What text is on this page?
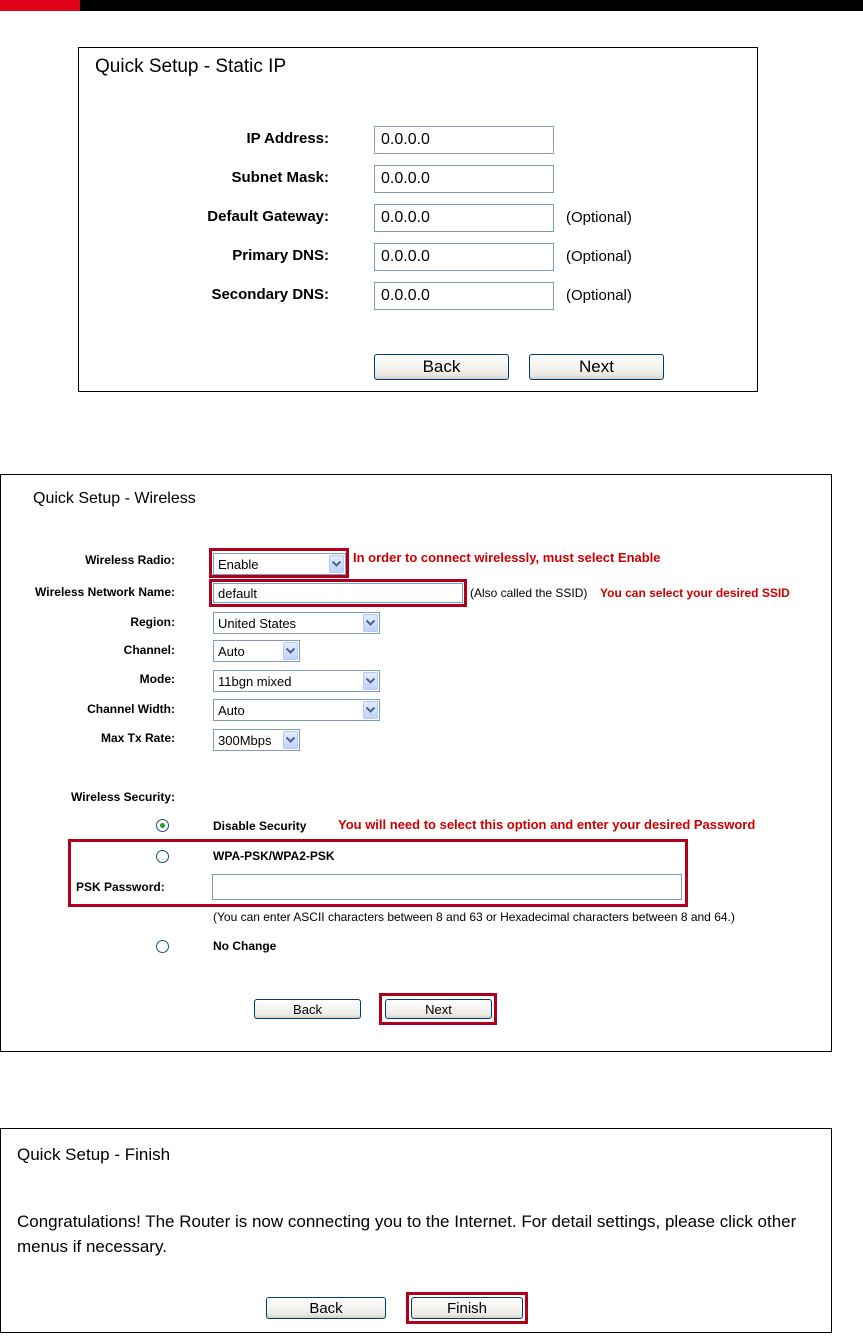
Quick Setup - Static IP
IP Address:	0.0.0.0
Subnet Mask:	0.0.0.0
Default Gateway:	0.0.0.0	(Optional)
Primary DNS:	0.0.0.0	(Optional)
Secondary DNS:	0.0.0.0	(Optional)
Back	Next
Quick Setup - Wireless
Wireless Radio:	Enable	In order to connect wirelessly, must select Enable
Wireless Network Name:	default	(Also called the SSID) You can select your desired SSID
Region:	United States
Channel:	Auto
Mode:	11bgn mixed
Channel Width:	Auto
Max Tx Rate:	300Mbps
Wireless Security:
Disable Security You will need to select this option and enter your desired Password
WPA-PSK/WPA2-PSK
PSK Password:
(You can enter ASCII characters between 8 and 63 or Hexadecimal characters between 8 and 64.)
No Change
Back	Next
Quick Setup - Finish
Congratulations! The Router is now connecting you to the Internet. For detail settings, please click other menus if necessary.
Back	Finish
